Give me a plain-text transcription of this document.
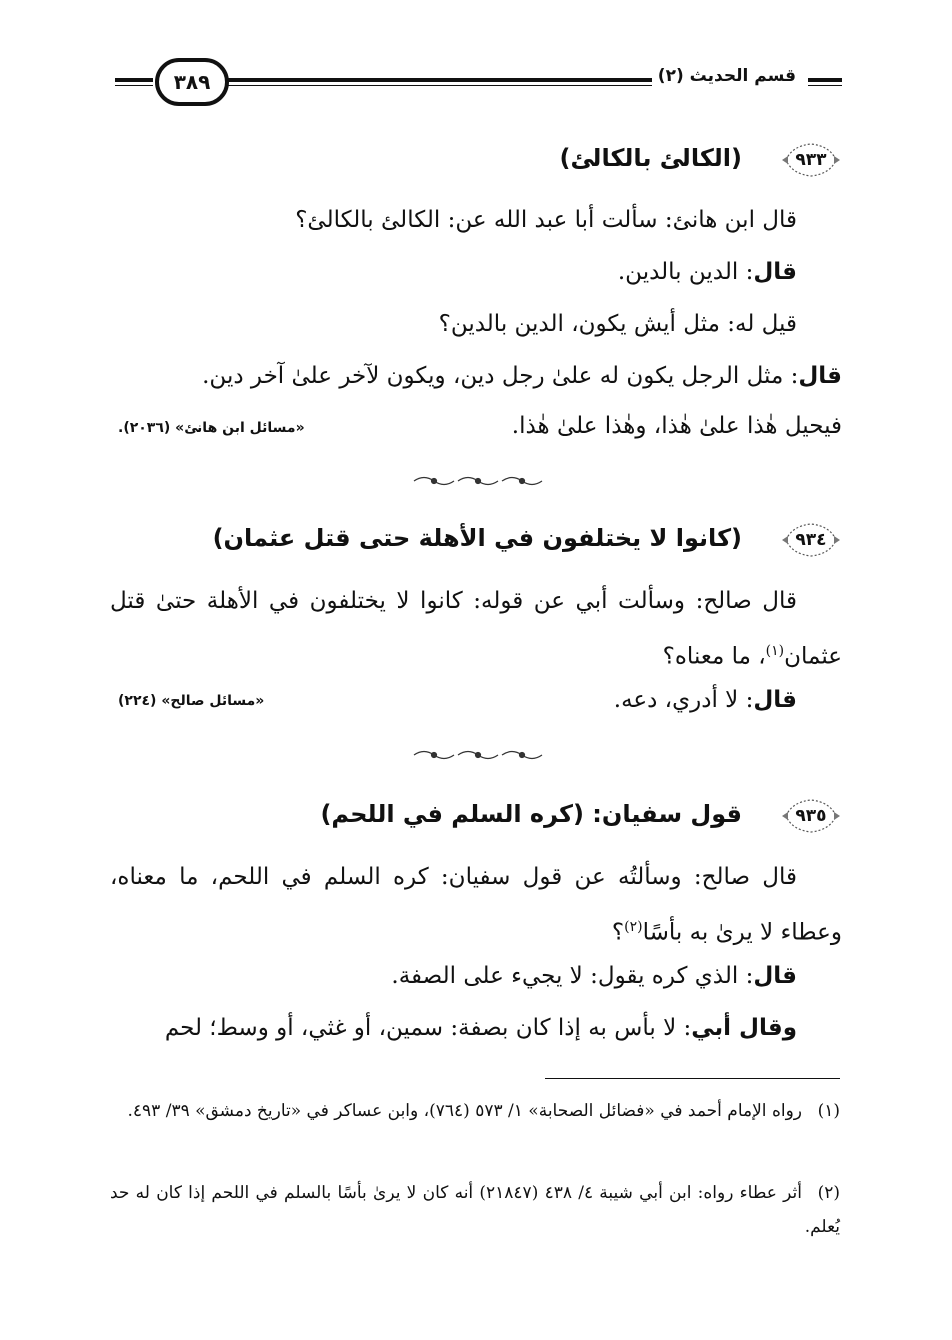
٣٨٩	قسم الحديث (٢)
٩٣٣
(الكالئ بالكالئ)
قال ابن هانئ: سألت أبا عبد الله عن: الكالئ بالكالئ؟
قال: الدين بالدين.
قيل له: مثل أيش يكون، الدين بالدين؟
قال: مثل الرجل يكون له علىٰ رجل دين، ويكون لآخر علىٰ آخر دين.
فيحيل هٰذا علىٰ هٰذا، وهٰذا علىٰ هٰذا.
«مسائل ابن هانئ» (٢٠٣٦).
٩٣٤
(كانوا لا يختلفون في الأهلة حتى قتل عثمان)
قال صالح: وسألت أبي عن قوله: كانوا لا يختلفون في الأهلة حتىٰ قتل عثمان$^{(١)}$، ما معناه؟
قال: لا أدري، دعه.
«مسائل صالح» (٢٢٤)
٩٣٥
قول سفيان: (كره السلم في اللحم)
قال صالح: وسألتُه عن قول سفيان: كره السلم في اللحم، ما معناه، وعطاء لا يرىٰ به بأسًا$^{(٢)}$؟
قال: الذي كره يقول: لا يجيء على الصفة.
وقال أبي: لا بأس به إذا كان بصفة: سمين، أو غثي، أو وسط؛ لحم
(١)رواه الإمام أحمد في «فضائل الصحابة» ١/ ٥٧٣ (٧٦٤)، وابن عساكر في «تاريخ دمشق» ٣٩/ ٤٩٣.
(٢)أثر عطاء رواه: ابن أبي شيبة ٤/ ٤٣٨ (٢١٨٤٧) أنه كان لا يرىٰ بأسًا بالسلم في اللحم إذا كان له حد يُعلم.
